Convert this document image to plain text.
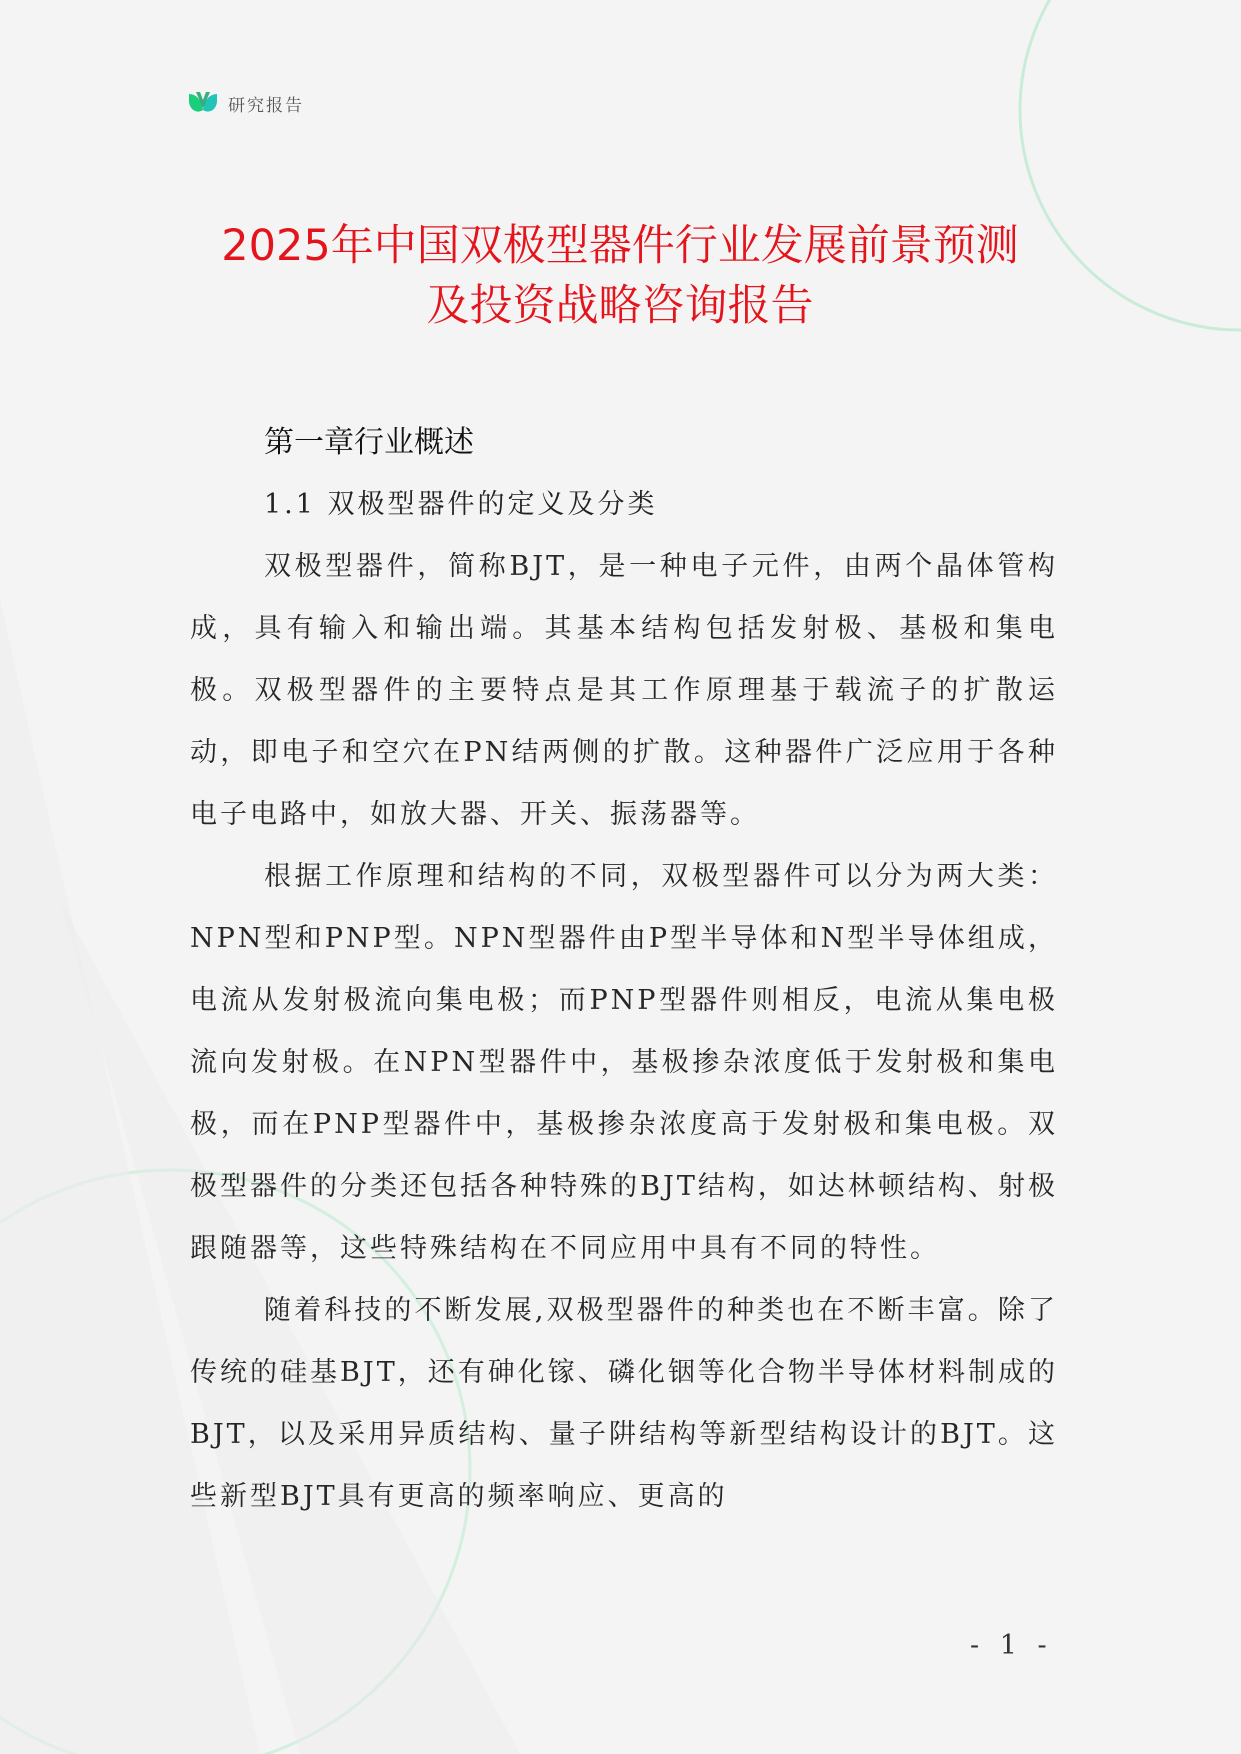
研究报告
2025年中国双极型器件行业发展前景预测
及投资战略咨询报告
第一章行业概述
1.1 双极型器件的定义及分类

双极型器件，简称BJT，是一种电子元件，由两个晶体管构成，具有输入和输出端。其基本结构包括发射极、基极和集电极。双极型器件的主要特点是其工作原理基于载流子的扩散运动，即电子和空穴在PN结两侧的扩散。这种器件广泛应用于各种电子电路中，如放大器、开关、振荡器等。

根据工作原理和结构的不同，双极型器件可以分为两大类：NPN型和PNP型。NPN型器件由P型半导体和N型半导体组成，电流从发射极流向集电极；而PNP型器件则相反，电流从集电极流向发射极。在NPN型器件中，基极掺杂浓度低于发射极和集电极，而在PNP型器件中，基极掺杂浓度高于发射极和集电极。双极型器件的分类还包括各种特殊的BJT结构，如达林顿结构、射极跟随器等，这些特殊结构在不同应用中具有不同的特性。

随着科技的不断发展,双极型器件的种类也在不断丰富。除了传统的硅基BJT，还有砷化镓、磷化铟等化合物半导体材料制成的BJT，以及采用异质结构、量子阱结构等新型结构设计的BJT。这些新型BJT具有更高的频率响应、更高的

- 1 -
